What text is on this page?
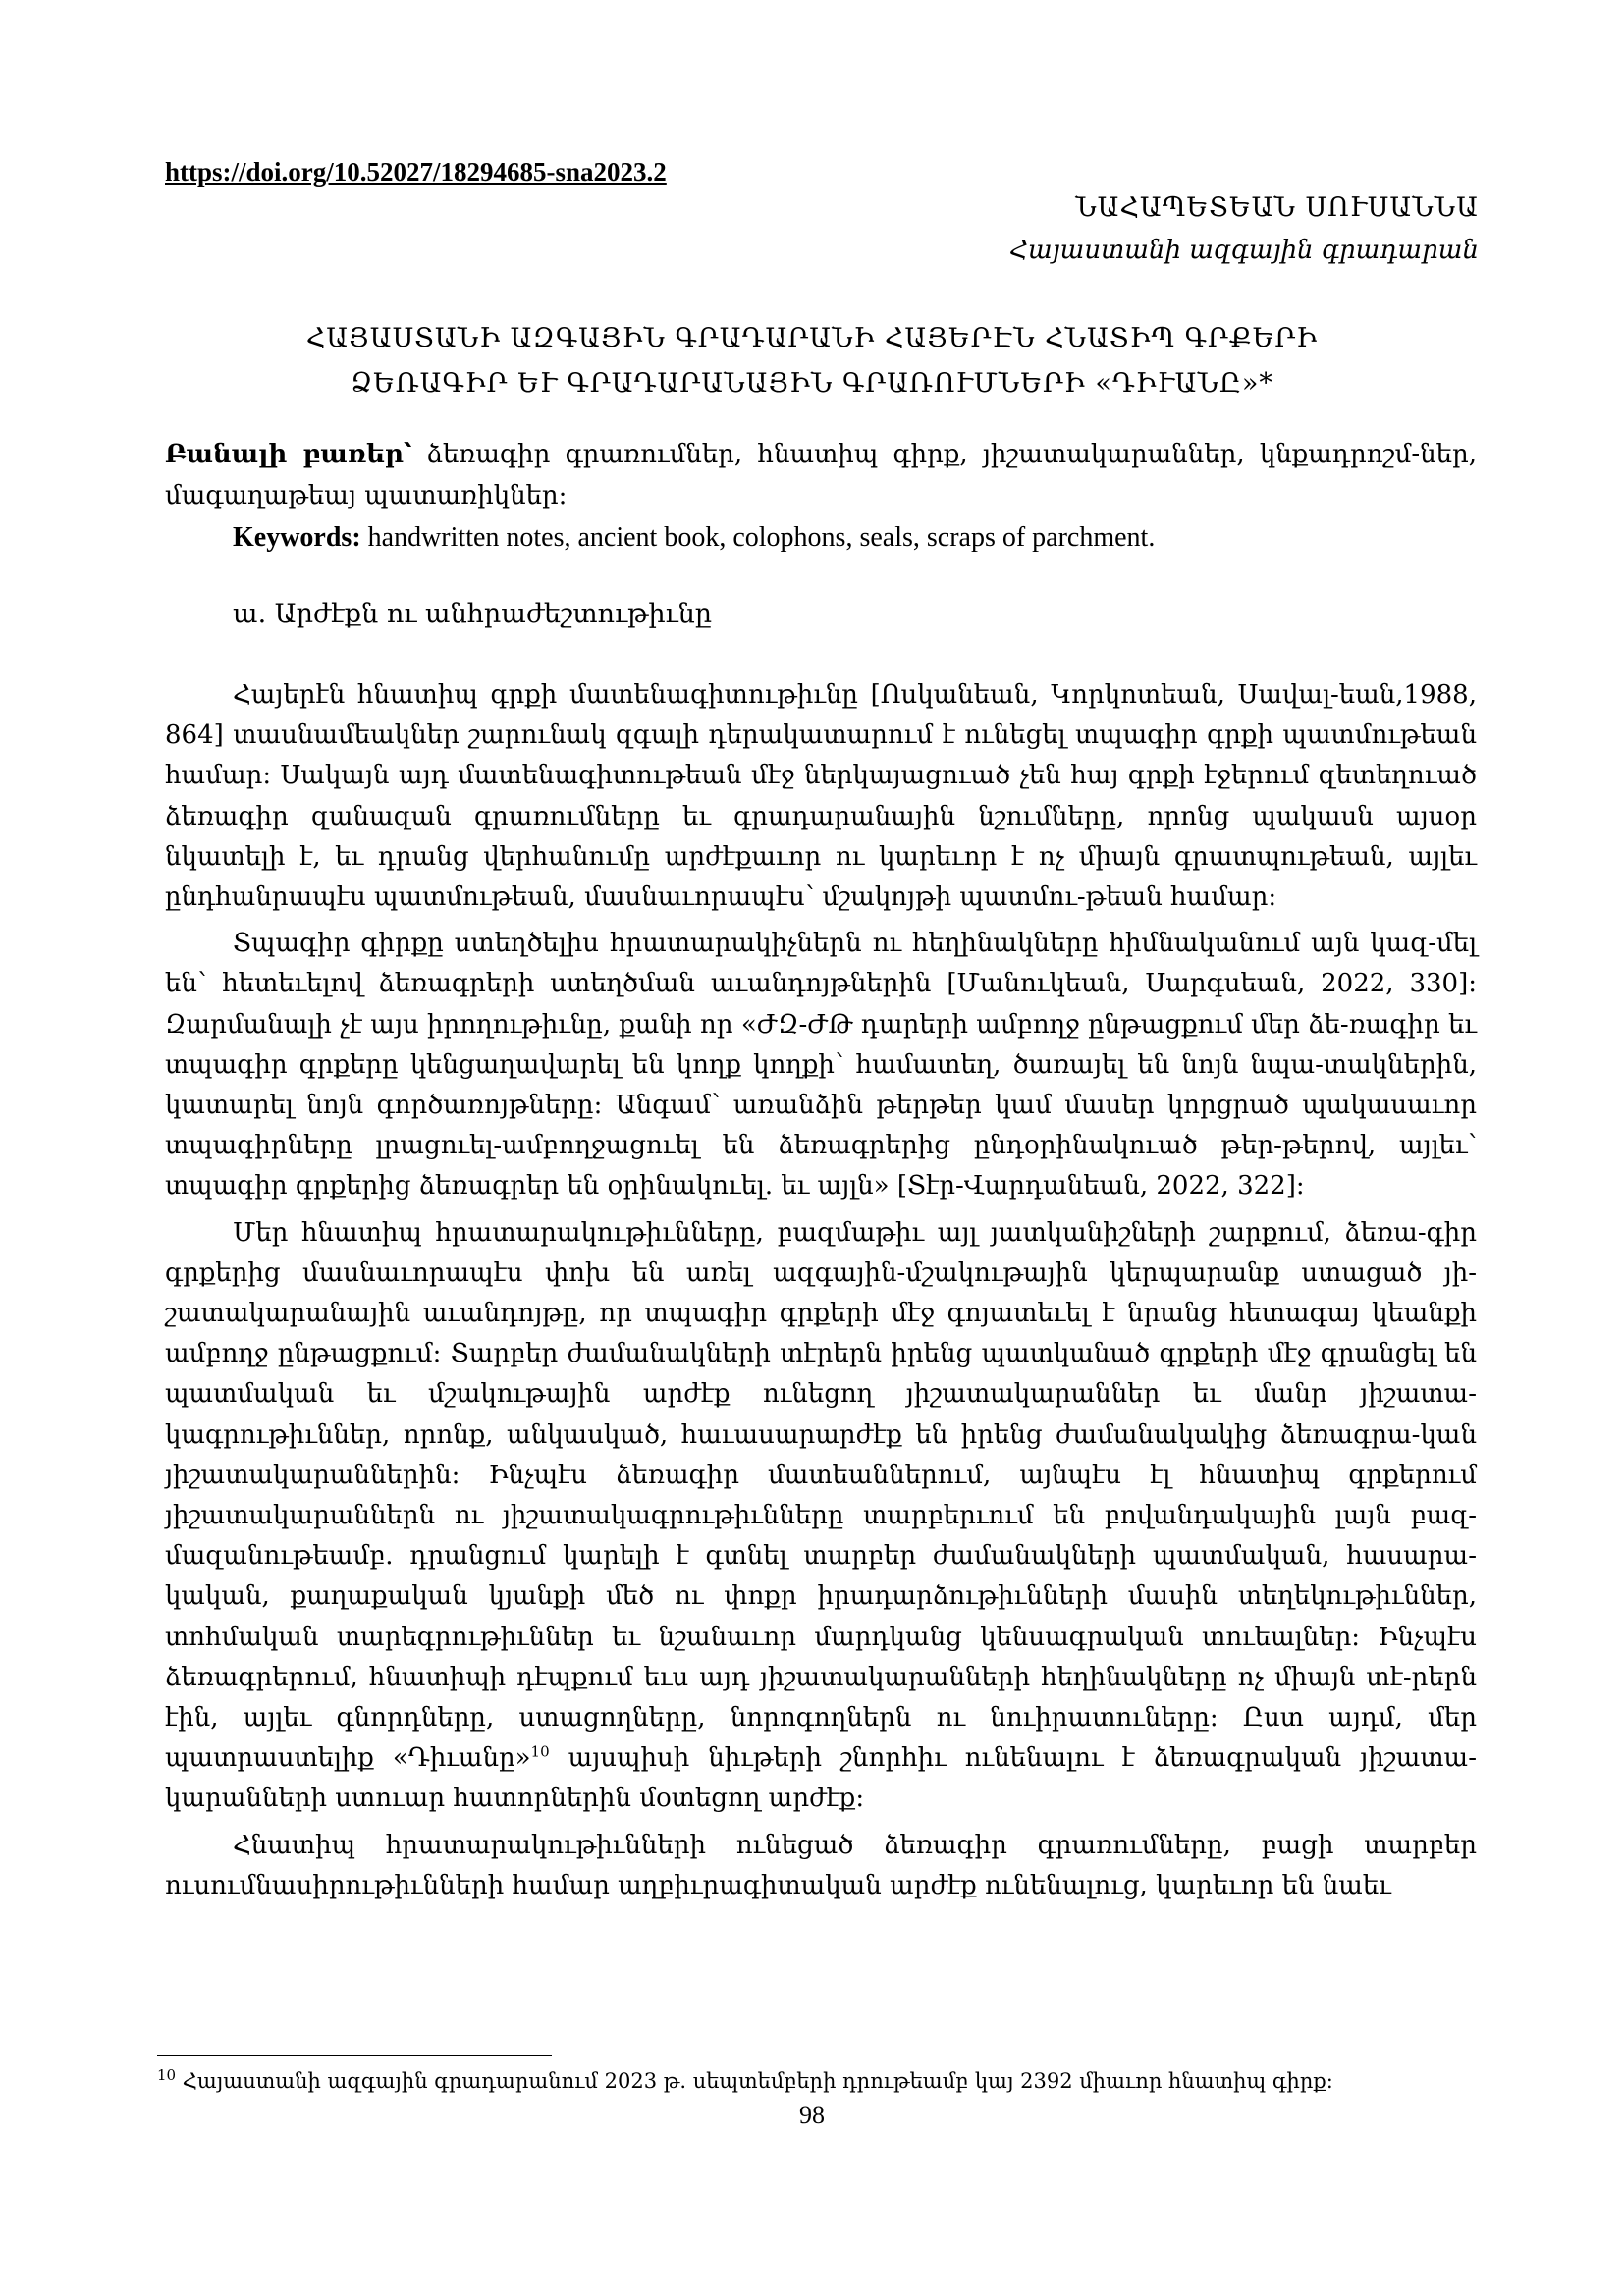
https://doi.org/10.52027/18294685-sna2023.2
ՆԱՀԱՊԵՏԵԱՆ ՍՈՒՍԱՆՆԱ
Հայաստանի ազգային գրադարան
ՀԱՅԱՍՏԱՆԻ ԱԶԳԱՅԻՆ ԳՐԱԴԱՐԱՆԻ ՀԱՅԵՐԷՆ ՀՆԱՏԻՊ ԳՐՔԵՐԻ
ՁԵՌԱԳԻՐ ԵՒ ԳՐԱԴԱՐԱՆԱՅԻՆ ԳՐԱՌՈՒՄՆԵՐԻ «ԴԻՒԱՆԸ»*
Բանալի բառեր՝ ձեռագիր գրառումներ, հնատիպ գիրք, յիշատակարաններ, կնքադրոշմ-ներ, մագաղաթեայ պատառիկներ:
Keywords: handwritten notes, ancient book, colophons, seals, scraps of parchment.
ա. Արժէքն ու անհրաժեշտութիւնը

Հայերէն հնատիպ գրքի մատենագիտութիւնը [Ոսկանեան, Կորկոտեան, Սավալ-եան,1988, 864] տասնամեակներ շարունակ զգալի դերակատարում է ունեցել տպագիր գրքի պատմութեան համար: Սակայն այդ մատենագիտութեան մէջ ներկայացուած չեն հայ գրքի էջերում զետեղուած ձեռագիր զանազան գրառումները եւ գրադարանային նշումները, որոնց պակասն այսօր նկատելի է, եւ դրանց վերհանումը արժէքաւոր ու կարեւոր է ոչ միայն գրատպութեան, այլեւ ընդհանրապէս պատմութեան, մասնաւորապէս՝ մշակոյթի պատմու-թեան համար:

Տպագիր գիրքը ստեղծելիս հրատարակիչներն ու հեղինակները հիմնականում այն կազ-մել են՝ հետեւելով ձեռագրերի ստեղծման աւանդոյթներին [Մանուկեան, Սարգսեան, 2022, 330]: Զարմանալի չէ այս իրողութիւնը, քանի որ «ԺԶ-ԺԹ դարերի ամբողջ ընթացքում մեր ձե-ռագիր եւ տպագիր գրքերը կենցաղավարել են կողք կողքի՝ համատեղ, ծառայել են նոյն նպա-տակներին, կատարել նոյն գործառոյթները: Անգամ՝ առանձին թերթեր կամ մասեր կորցրած պակասաւոր տպագիրները լրացուել-ամբողջացուել են ձեռագրերից ընդօրինակուած թեր-թերով, այլեւ՝ տպագիր գրքերից ձեռագրեր են օրինակուել. եւ այլն» [Տէր-Վարդանեան, 2022, 322]:

Մեր հնատիպ հրատարակութիւնները, բազմաթիւ այլ յատկանիշների շարքում, ձեռա-գիր գրքերից մասնաւորապէս փոխ են առել ազգային-մշակութային կերպարանք ստացած յի-շատակարանային աւանդոյթը, որ տպագիր գրքերի մէջ գոյատեւել է նրանց հետագայ կեանքի ամբողջ ընթացքում: Տարբեր ժամանակների տէրերն իրենց պատկանած գրքերի մէջ գրանցել են պատմական եւ մշակութային արժէք ունեցող յիշատակարաններ եւ մանր յիշատա-կագրութիւններ, որոնք, անկասկած, հաւասարարժէք են իրենց ժամանակակից ձեռագրա-կան յիշատակարաններին: Ինչպէս ձեռագիր մատեաններում, այնպէս էլ հնատիպ գրքերում յիշատակարաններն ու յիշատակագրութիւնները տարբերւում են բովանդակային լայն բազ-մազանութեամբ. դրանցում կարելի է գտնել տարբեր ժամանակների պատմական, հասարա-կական, քաղաքական կյանքի մեծ ու փոքր իրադարձութիւնների մասին տեղեկութիւններ, տոհմական տարեգրութիւններ եւ նշանաւոր մարդկանց կենսագրական տուեալներ: Ինչպէս ձեռագրերում, հնատիպի դէպքում եւս այդ յիշատակարանների հեղինակները ոչ միայն տէ-րերն էին, այլեւ գնորդները, ստացողները, նորոգողներն ու նուիրատուները: Ըստ այդմ, մեր պատրաստելիք «Դիւանը»$^{10}$ այսպիսի նիւթերի շնորհիւ ունենալու է ձեռագրական յիշատա-կարանների ստուար հատորներին մօտեցող արժէք:

Հնատիպ հրատարակութիւնների ունեցած ձեռագիր գրառումները, բացի տարբեր ուսումնասիրութիւնների համար աղբիւրագիտական արժէք ունենալուց, կարեւոր են նաեւ

$^{10}$ Հայաստանի ազգային գրադարանում 2023 թ. սեպտեմբերի դրութեամբ կայ 2392 միաւոր հնատիպ գիրք:
98
